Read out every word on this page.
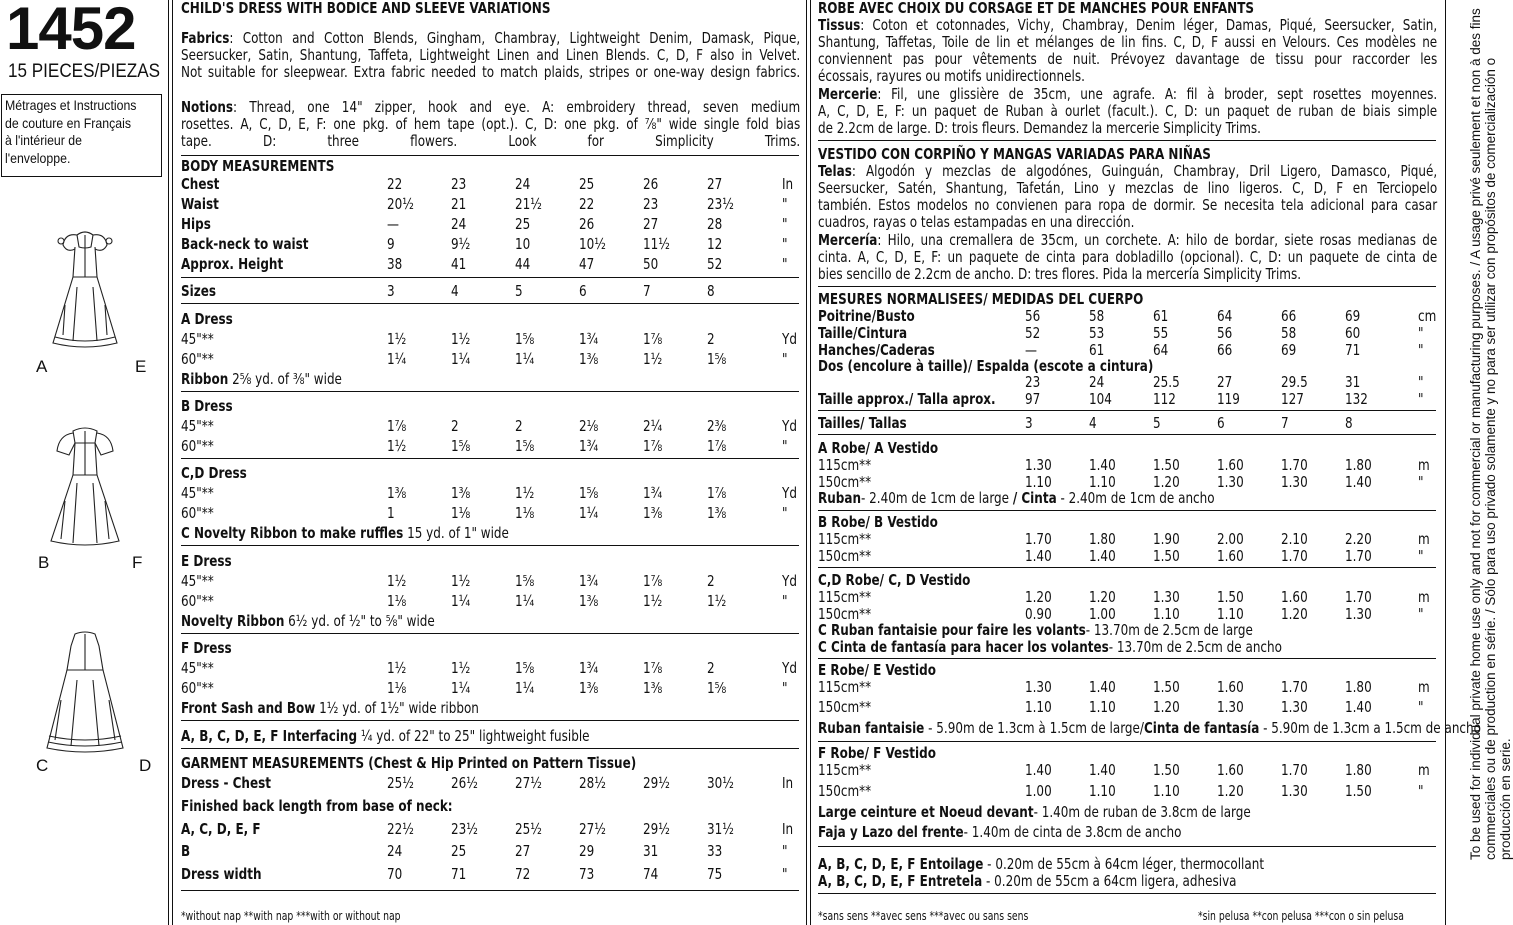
1452
15 PIECES/PIEZAS
Métrages et Instructions
de couture en Français
à l'intérieur de
l'enveloppe.
A	E
B	F
C	D
CHILD'S DRESS WITH BODICE AND SLEEVE VARIATIONS
Fabrics: Cotton and Cotton Blends, Gingham, Chambray, Lightweight Denim, Damask, Pique,
Seersucker, Satin, Shantung, Taffeta, Lightweight Linen and Linen Blends. C, D, F also in Velvet.
Not suitable for sleepwear. Extra fabric needed to match plaids, stripes or one-way design fabrics.
Notions: Thread, one 14" zipper, hook and eye. A: embroidery thread, seven medium
rosettes. A, C, D, E, F: one pkg. of hem tape (opt.). C, D: one pkg. of ⅞" wide single fold bias
tape. D: three flowers. Look for Simplicity Trims.
BODY MEASUREMENTS
Chest	22	23	24	25	26	27	In
Waist	20½ 21	21½ 22	23	23½	"
Hips	—	24	25	26	27	28	"
Back-neck to waist	9	9½	10	10½ 11½ 12	"
Approx. Height	38	41	44	47	50	52	"
Sizes	3	4	5	6	7	8
A Dress
45"**	1½	1½	1⅝	1¾	1⅞	2	Yd
60"**	1¼	1¼	1¼	1⅜	1½	1⅝	"
Ribbon 2⅝ yd. of ⅜" wide
B Dress
45"**	1⅞	2	2	2⅛	2¼	2⅜	Yd
60"**	1½	1⅝	1⅝	1¾	1⅞	1⅞	"
C,D Dress
45"**	1⅜	1⅜	1½	1⅝	1¾	1⅞	Yd
60"**	1	1⅛	1⅛	1¼	1⅜	1⅜	"
C Novelty Ribbon to make ruffles 15 yd. of 1" wide
E Dress
45"**	1½	1½	1⅝	1¾	1⅞	2	Yd
60"**	1⅛	1¼	1¼	1⅜	1½	1½	"
Novelty Ribbon 6½ yd. of ½" to ⅝" wide
F Dress
45"**	1½	1½	1⅝	1¾	1⅞	2	Yd
60"**	1⅛	1¼	1¼	1⅜	1⅜	1⅝	"
Front Sash and Bow 1½ yd. of 1½" wide ribbon
A, B, C, D, E, F Interfacing ¼ yd. of 22" to 25" lightweight fusible
GARMENT MEASUREMENTS (Chest & Hip Printed on Pattern Tissue)
Dress - Chest	25½ 26½ 27½ 28½ 29½ 30½	In
Finished back length from base of neck:
A, C, D, E, F	22½ 23½ 25½ 27½ 29½ 31½	In
B	24	25	27	29	31	33	"
Dress width	70	71	72	73	74	75	"
*without nap **with nap ***with or without nap
ROBE AVEC CHOIX DU CORSAGE ET DE MANCHES POUR ENFANTS
Tissus: Coton et cotonnades, Vichy, Chambray, Denim léger, Damas, Piqué, Seersucker, Satin,
Shantung, Taffetas, Toile de lin et mélanges de lin fins. C, D, F aussi en Velours. Ces modèles ne
conviennent pas pour vêtements de nuit. Prévoyez davantage de tissu pour raccorder les
écossais, rayures ou motifs unidirectionnels.
Mercerie: Fil, une glissière de 35cm, une agrafe. A: fil à broder, sept rosettes moyennes.
A, C, D, E, F: un paquet de Ruban à ourlet (facult.). C, D: un paquet de ruban de biais simple
de 2.2cm de large. D: trois fleurs. Demandez la mercerie Simplicity Trims.
VESTIDO CON CORPIÑO Y MANGAS VARIADAS PARA NIÑAS
Telas: Algodón y mezclas de algodónes, Guinguán, Chambray, Dril Ligero, Damasco, Piqué,
Seersucker, Satén, Shantung, Tafetán, Lino y mezclas de lino ligeros. C, D, F en Terciopelo
también. Estos modelos no convienen para ropa de dormir. Se necesita tela adicional para casar
cuadros, rayas o telas estampadas en una dirección.
Mercería: Hilo, una cremallera de 35cm, un corchete. A: hilo de bordar, siete rosas medianas de
cinta. A, C, D, E, F: un paquete de cinta para dobladillo (opcional). C, D: un paquete de cinta de
bies sencillo de 2.2cm de ancho. D: tres flores. Pida la mercería Simplicity Trims.
MESURES NORMALISEES/ MEDIDAS DEL CUERPO
Poitrine/Busto	56	58	61	64	66	69	cm
Taille/Cintura	52	53	55	56	58	60	"
Hanches/Caderas	—	61	64	66	69	71	"
Dos (encolure à taille)/ Espalda (escote a cintura)
23	24	25.5 27	29.5 31	"
Taille approx./ Talla aprox. 97	104	112	119	127	132	"
Tailles/ Tallas	3	4	5	6	7	8
A Robe/ A Vestido
115cm**	1.30 1.40 1.50 1.60 1.70 1.80	m
150cm**	1.10 1.10 1.20 1.30 1.30 1.40	"
Ruban- 2.40m de 1cm de large / Cinta - 2.40m de 1cm de ancho
B Robe/ B Vestido
115cm**	1.70 1.80 1.90 2.00 2.10 2.20	m
150cm**	1.40 1.40 1.50 1.60 1.70 1.70	"
C,D Robe/ C, D Vestido
115cm**	1.20 1.20 1.30 1.50 1.60 1.70	m
150cm**	0.90 1.00 1.10 1.10 1.20 1.30	"
C Ruban fantaisie pour faire les volants- 13.70m de 2.5cm de large
C Cinta de fantasía para hacer los volantes- 13.70m de 2.5cm de ancho
E Robe/ E Vestido
115cm**	1.30 1.40 1.50 1.60 1.70 1.80	m
150cm**	1.10 1.10 1.20 1.30 1.30 1.40	"
Ruban fantaisie - 5.90m de 1.3cm à 1.5cm de large/Cinta de fantasía - 5.90m de 1.3cm a 1.5cm de ancho
F Robe/ F Vestido
115cm**	1.40 1.40 1.50 1.60 1.70 1.80	m
150cm**	1.00 1.10 1.10 1.20 1.30 1.50	"
Large ceinture et Noeud devant- 1.40m de ruban de 3.8cm de large
Faja y Lazo del frente- 1.40m de cinta de 3.8cm de ancho
A, B, C, D, E, F Entoilage - 0.20m de 55cm à 64cm léger, thermocollant
A, B, C, D, E, F Entretela - 0.20m de 55cm a 64cm ligera, adhesiva
*sans sens **avec sens ***avec ou sans sens	*sin pelusa **con pelusa ***con o sin pelusa
To be used for individual private home use only and not for commercial or manufacturing purposes. / A usage privé seulement et non à des fins commerciales ou de production en série. / Sólo para uso privado solamente y no para ser utilizar con propósitos de comercialización o producción en serie.
